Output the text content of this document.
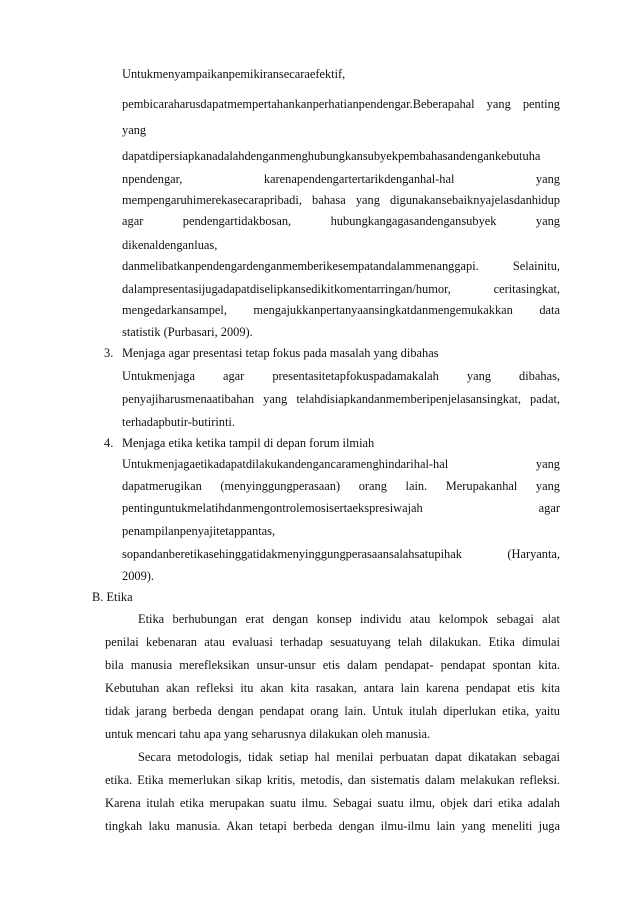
Untukmenyampaikanpemikiransecaraefektif,
pembicaraharusdapatmempertahankanperhatianpendengar.Beberapahal yang penting
yang
dapatdipersiapkanadalahdenganmenghubungkansubyekpembahasandengankebutuha
npendengar, karenapendengartertarikdenganhal-hal yang
mempengaruhimerekasecarapribadi, bahasa yang digunakansebaiknyajelasdanhidup
agar pendengartidakbosan, hubungkangagasandengansubyek yang
dikenaldenganluas,
danmelibatkanpendengardenganmemberikesempatandalammenanggapi. Selainitu,
dalampresentasijugadapatdiselipkansedikitkomentarringan/humor, ceritasingkat,
mengedarkansampel, mengajukkanpertanyaansingkatdanmengemukakkan data
statistik (Purbasari, 2009).
3. Menjaga agar presentasi tetap fokus pada masalah yang dibahas
Untukmenjaga agar presentasitetapfokuspadamakalah yang dibahas,
penyajiharusmenaatibahan yang telahdisiapkandanmemberipenjelasansingkat, padat,
terhadapbutir-butirinti.
4. Menjaga etika ketika tampil di depan forum ilmiah
Untukmenjagaetikadapatdilakukandengancaramenghindarihal-hal yang
dapatmerugikan (menyinggungperasaan) orang lain. Merupakanhal yang
pentinguntukmelatihdanmengontrolemosisertaekspresiwajah agar
penampilanpenyajitetappantas,
sopandanberetikasehinggatidakmenyinggungperasaansalahsatupihak (Haryanta,
2009).
B. Etika
Etika berhubungan erat dengan konsep individu atau kelompok sebagai alat
penilai kebenaran atau evaluasi terhadap sesuatuyang telah dilakukan. Etika dimulai
bila manusia merefleksikan unsur-unsur etis dalam pendapat- pendapat spontan kita.
Kebutuhan akan refleksi itu akan kita rasakan, antara lain karena pendapat etis kita
tidak jarang berbeda dengan pendapat orang lain. Untuk itulah diperlukan etika, yaitu
untuk mencari tahu apa yang seharusnya dilakukan oleh manusia.
Secara metodologis, tidak setiap hal menilai perbuatan dapat dikatakan sebagai
etika. Etika memerlukan sikap kritis, metodis, dan sistematis dalam melakukan refleksi.
Karena itulah etika merupakan suatu ilmu. Sebagai suatu ilmu, objek dari etika adalah
tingkah laku manusia. Akan tetapi berbeda dengan ilmu-ilmu lain yang meneliti juga
